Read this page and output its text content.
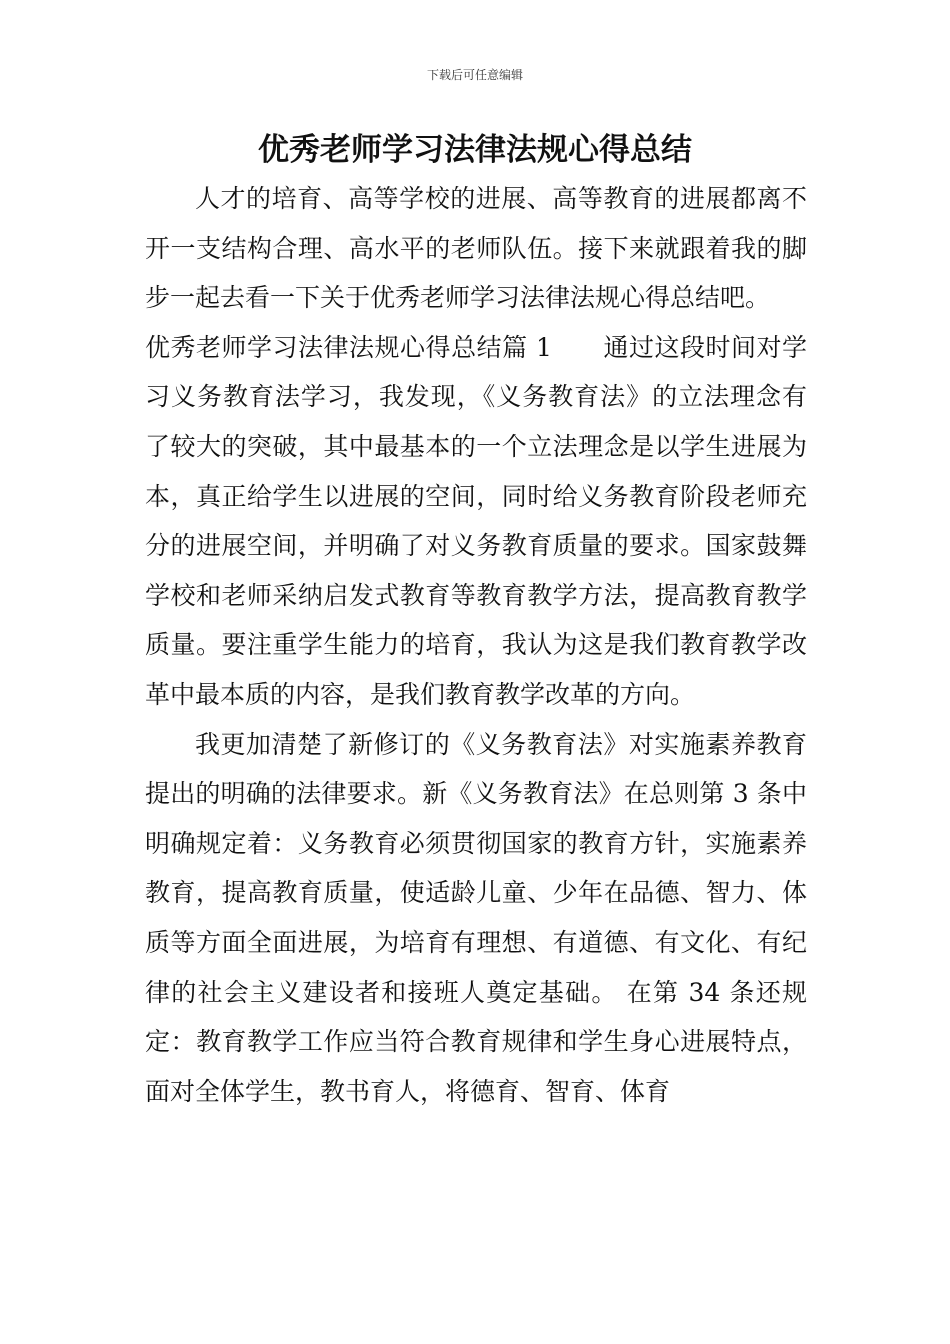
下载后可任意编辑
优秀老师学习法律法规心得总结

人才的培育、高等学校的进展、高等教育的进展都离不开一支结构合理、高水平的老师队伍。接下来就跟着我的脚步一起去看一下关于优秀老师学习法律法规心得总结吧。

优秀老师学习法律法规心得总结篇 1　　通过这段时间对学习义务教育法学习，我发现，《义务教育法》的立法理念有了较大的突破，其中最基本的一个立法理念是以学生进展为本，真正给学生以进展的空间，同时给义务教育阶段老师充分的进展空间，并明确了对义务教育质量的要求。国家鼓舞学校和老师采纳启发式教育等教育教学方法，提高教育教学质量。要注重学生能力的培育，我认为这是我们教育教学改革中最本质的内容，是我们教育教学改革的方向。

我更加清楚了新修订的《义务教育法》对实施素养教育提出的明确的法律要求。新《义务教育法》在总则第 3 条中明确规定着：义务教育必须贯彻国家的教育方针，实施素养教育，提高教育质量，使适龄儿童、少年在品德、智力、体质等方面全面进展，为培育有理想、有道德、有文化、有纪律的社会主义建设者和接班人奠定基础。 在第 34 条还规定：教育教学工作应当符合教育规律和学生身心进展特点，面对全体学生，教书育人，将德育、智育、体育
